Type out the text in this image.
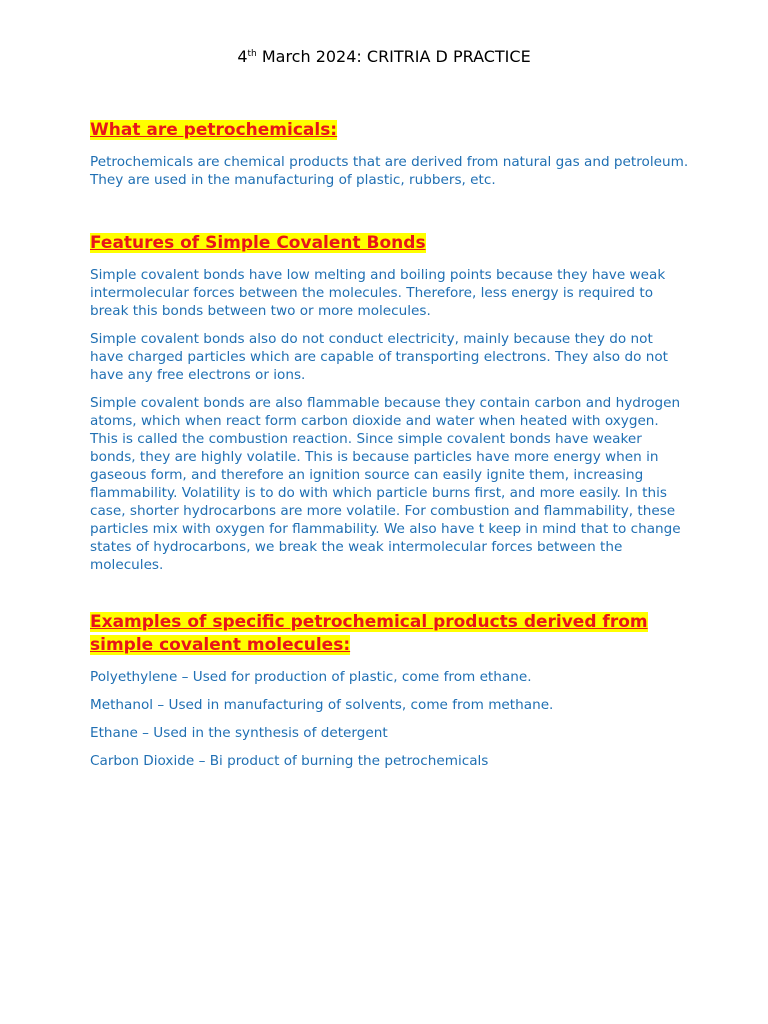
4th March 2024: CRITRIA D PRACTICE
What are petrochemicals:

Petrochemicals are chemical products that are derived from natural gas and petroleum. They are used in the manufacturing of plastic, rubbers, etc.

Features of Simple Covalent Bonds

Simple covalent bonds have low melting and boiling points because they have weak intermolecular forces between the molecules. Therefore, less energy is required to break this bonds between two or more molecules.

Simple covalent bonds also do not conduct electricity, mainly because they do not have charged particles which are capable of transporting electrons. They also do not have any free electrons or ions.

Simple covalent bonds are also flammable because they contain carbon and hydrogen atoms, which when react form carbon dioxide and water when heated with oxygen. This is called the combustion reaction. Since simple covalent bonds have weaker bonds, they are highly volatile. This is because particles have more energy when in gaseous form, and therefore an ignition source can easily ignite them, increasing flammability. Volatility is to do with which particle burns first, and more easily. In this case, shorter hydrocarbons are more volatile. For combustion and flammability, these particles mix with oxygen for flammability. We also have t keep in mind that to change states of hydrocarbons, we break the weak intermolecular forces between the molecules.

Examples of specific petrochemical products derived from simple covalent molecules:

Polyethylene – Used for production of plastic, come from ethane.

Methanol – Used in manufacturing of solvents, come from methane.

Ethane – Used in the synthesis of detergent

Carbon Dioxide – Bi product of burning the petrochemicals
